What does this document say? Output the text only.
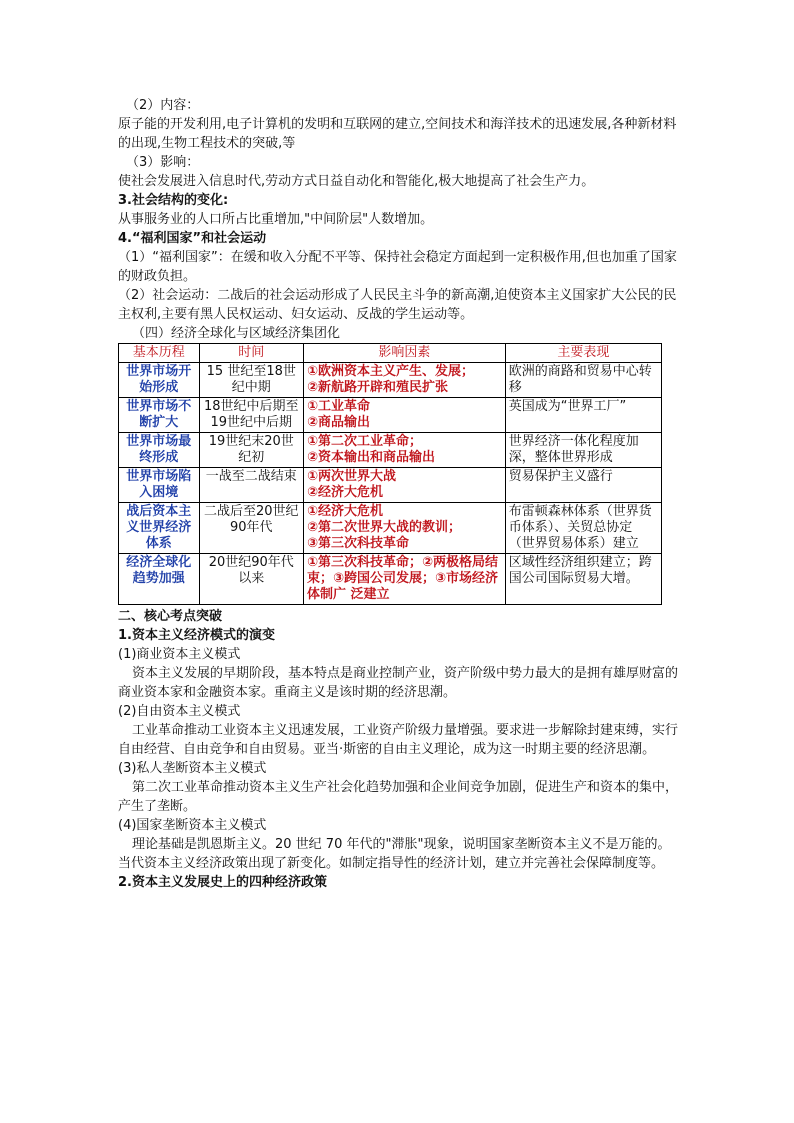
（2）内容：

原子能的开发利用,电子计算机的发明和互联网的建立,空间技术和海洋技术的迅速发展,各种新材料的出现,生物工程技术的突破,等

（3）影响：

使社会发展进入信息时代,劳动方式日益自动化和智能化,极大地提高了社会生产力。

3.社会结构的变化:

从事服务业的人口所占比重增加,"中间阶层"人数增加。

4.“福利国家”和社会运动

（1）“福利国家”：在缓和收入分配不平等、保持社会稳定方面起到一定积极作用,但也加重了国家的财政负担。

（2）社会运动：二战后的社会运动形成了人民民主斗争的新高潮,迫使资本主义国家扩大公民的民主权利,主要有黑人民权运动、妇女运动、反战的学生运动等。

（四）经济全球化与区域经济集团化

基本历程	时间	影响因素	主要表现
世界市场开始形成	15 世纪至18世纪中期	①欧洲资本主义产生、发展；
②新航路开辟和殖民扩张	欧洲的商路和贸易中心转移
世界市场不断扩大	18世纪中后期至19世纪中后期	①工业革命
②商品输出	英国成为“世界工厂”
世界市场最终形成	19世纪末20世纪初	①第二次工业革命；
②资本输出和商品输出	世界经济一体化程度加深，整体世界形成
世界市场陷入困境	一战至二战结束	①两次世界大战
②经济大危机	贸易保护主义盛行
战后资本主义世界经济体系	二战后至20世纪90年代	①经济大危机
②第二次世界大战的教训；
③第三次科技革命	布雷顿森林体系（世界货币体系）、关贸总协定（世界贸易体系）建立
经济全球化趋势加强	20世纪90年代以来	①第三次科技革命；②两极格局结束；③跨国公司发展；③市场经济体制广 泛建立	区域性经济组织建立；跨国公司国际贸易大增。

二、核心考点突破

1.资本主义经济模式的演变

(1)商业资本主义模式

资本主义发展的早期阶段，基本特点是商业控制产业，资产阶级中势力最大的是拥有雄厚财富的商业资本家和金融资本家。重商主义是该时期的经济思潮。

(2)自由资本主义模式

工业革命推动工业资本主义迅速发展，工业资产阶级力量增强。要求进一步解除封建束缚，实行自由经营、自由竞争和自由贸易。亚当·斯密的自由主义理论，成为这一时期主要的经济思潮。

(3)私人垄断资本主义模式

第二次工业革命推动资本主义生产社会化趋势加强和企业间竞争加剧，促进生产和资本的集中，产生了垄断。

(4)国家垄断资本主义模式

理论基础是凯恩斯主义。20 世纪 70 年代的"滞胀"现象，说明国家垄断资本主义不是万能的。当代资本主义经济政策出现了新变化。如制定指导性的经济计划，建立并完善社会保障制度等。

2.资本主义发展史上的四种经济政策
